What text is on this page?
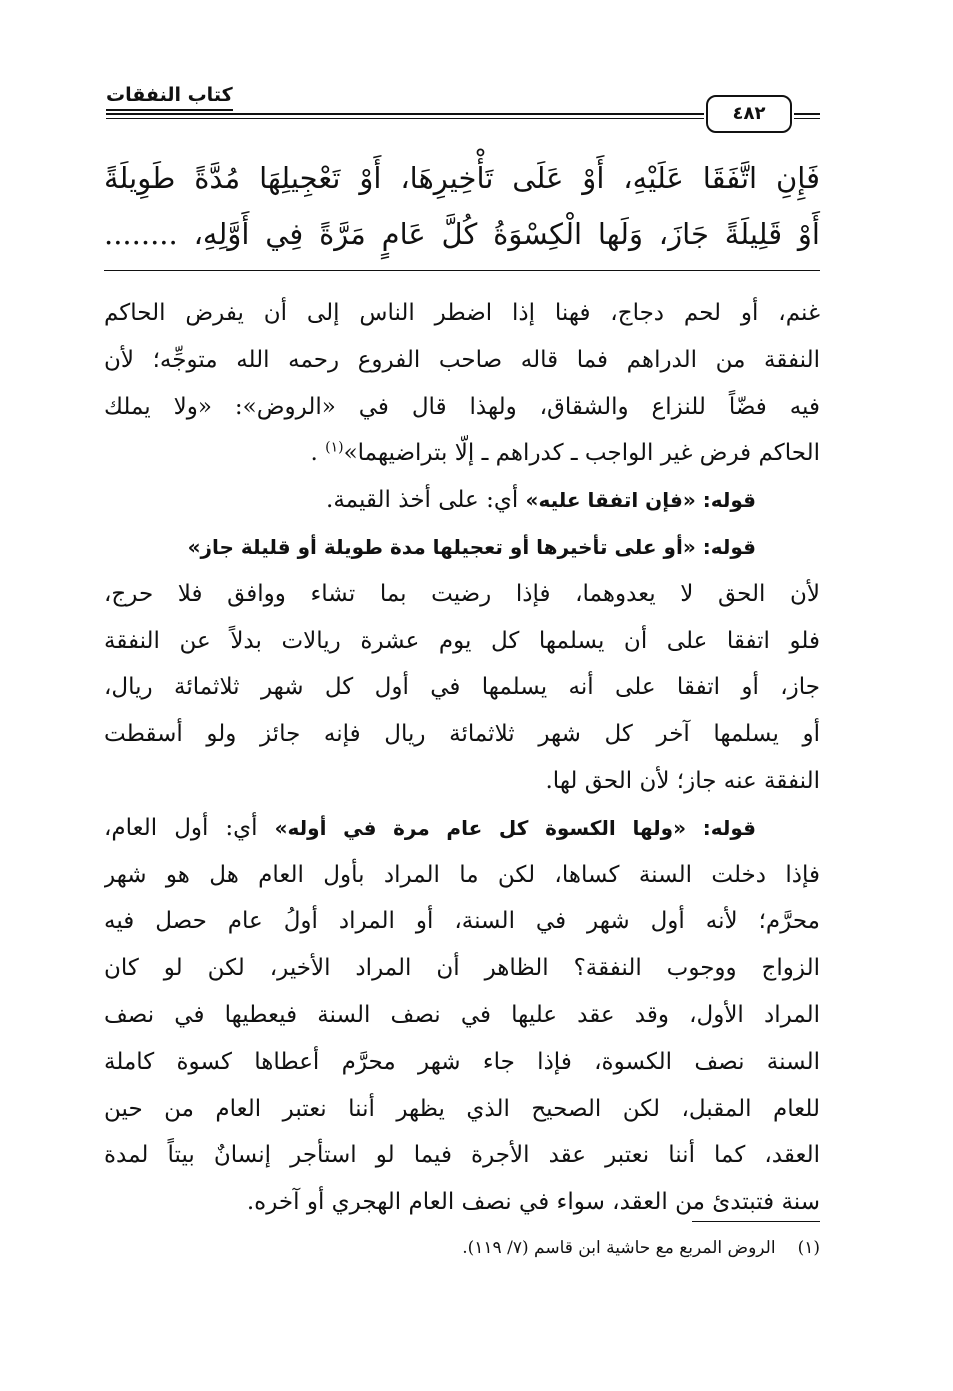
كتاب النفقات
٤٨٢
فَإِنِ اتَّفَقَا عَلَيْهِ، أَوْ عَلَى تَأْخِيرِهَا، أَوْ تَعْجِيلِهَا مُدَّةً طَوِيلَةً
أَوْ قَلِيلَةً جَازَ، وَلَها الْكِسْوَةُ كُلَّ عَامٍ مَرَّةً فِي أَوَّلِهِ، ........
غنم، أو لحم دجاج، فهنا إذا اضطر الناس إلى أن يفرض الحاكم
النفقة من الدراهم فما قاله صاحب الفروع رحمه الله متوجِّه؛ لأن
فيه فضّاً للنزاع والشقاق، ولهذا قال في «الروض»: «ولا يملك
الحاكم فرض غير الواجب ـ كدراهم ـ إلّا بتراضيهما»$^{(١)}$ .
قوله: «فإن اتفقا عليه» أي: على أخذ القيمة.
قوله: «أو على تأخيرها أو تعجيلها مدة طويلة أو قليلة جاز»
لأن الحق لا يعدوهما، فإذا رضيت بما تشاء ووافق فلا حرج،
فلو اتفقا على أن يسلمها كل يوم عشرة ريالات بدلاً عن النفقة
جاز، أو اتفقا على أنه يسلمها في أول كل شهر ثلاثمائة ريال،
أو يسلمها آخر كل شهر ثلاثمائة ريال فإنه جائز ولو أسقطت
النفقة عنه جاز؛ لأن الحق لها.
قوله: «ولها الكسوة كل عام مرة في أوله» أي: أول العام،
فإذا دخلت السنة كساها، لكن ما المراد بأول العام هل هو شهر
محرَّم؛ لأنه أول شهر في السنة، أو المراد أولُ عام حصل فيه
الزواج ووجوب النفقة؟ الظاهر أن المراد الأخير، لكن لو كان
المراد الأول، وقد عقد عليها في نصف السنة فيعطيها في نصف
السنة نصف الكسوة، فإذا جاء شهر محرَّم أعطاها كسوة كاملة
للعام المقبل، لكن الصحيح الذي يظهر أننا نعتبر العام من حين
العقد، كما أننا نعتبر عقد الأجرة فيما لو استأجر إنسانٌ بيتاً لمدة
سنة فتبتدئ من العقد، سواء في نصف العام الهجري أو آخره.
(١)الروض المربع مع حاشية ابن قاسم (٧/ ١١٩).
